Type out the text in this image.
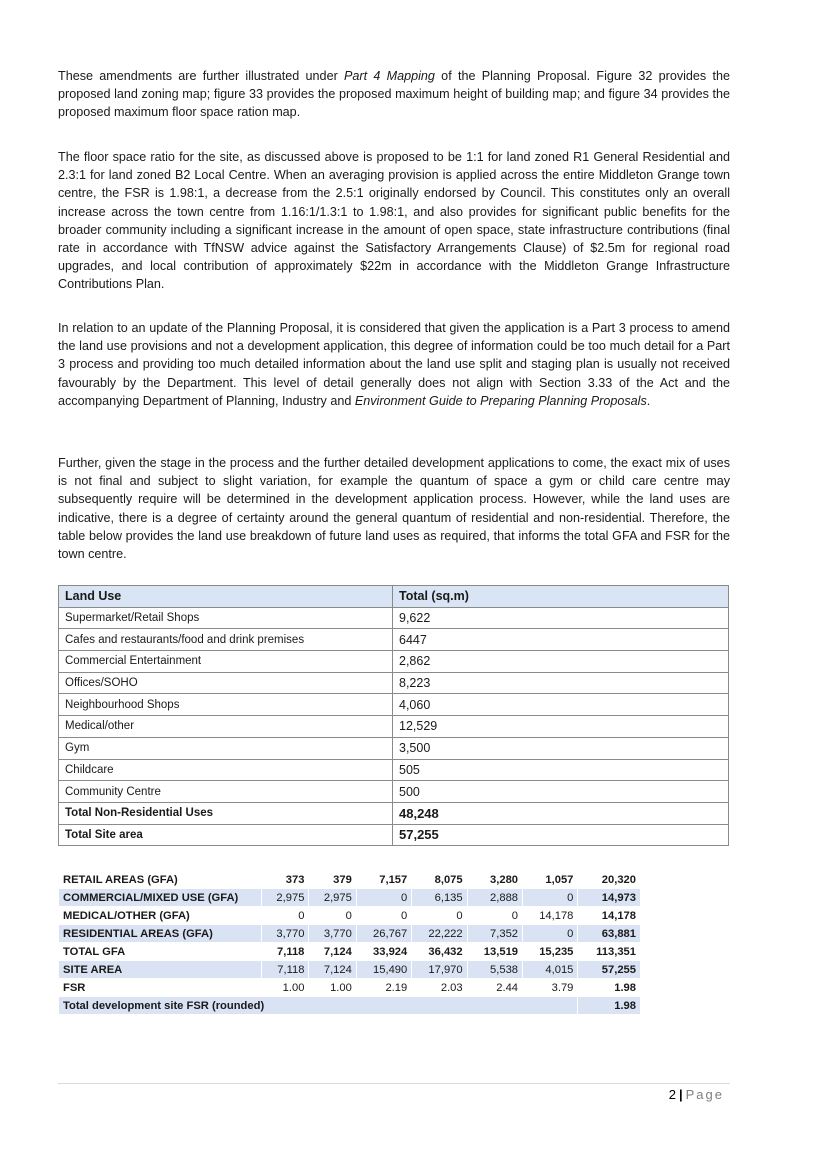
These amendments are further illustrated under Part 4 Mapping of the Planning Proposal. Figure 32 provides the proposed land zoning map; figure 33 provides the proposed maximum height of building map; and figure 34 provides the proposed maximum floor space ration map.

The floor space ratio for the site, as discussed above is proposed to be 1:1 for land zoned R1 General Residential and 2.3:1 for land zoned B2 Local Centre. When an averaging provision is applied across the entire Middleton Grange town centre, the FSR is 1.98:1, a decrease from the 2.5:1 originally endorsed by Council. This constitutes only an overall increase across the town centre from 1.16:1/1.3:1 to 1.98:1, and also provides for significant public benefits for the broader community including a significant increase in the amount of open space, state infrastructure contributions (final rate in accordance with TfNSW advice against the Satisfactory Arrangements Clause) of $2.5m for regional road upgrades, and local contribution of approximately $22m in accordance with the Middleton Grange Infrastructure Contributions Plan.

In relation to an update of the Planning Proposal, it is considered that given the application is a Part 3 process to amend the land use provisions and not a development application, this degree of information could be too much detail for a Part 3 process and providing too much detailed information about the land use split and staging plan is usually not received favourably by the Department. This level of detail generally does not align with Section 3.33 of the Act and the accompanying Department of Planning, Industry and Environment Guide to Preparing Planning Proposals.

Further, given the stage in the process and the further detailed development applications to come, the exact mix of uses is not final and subject to slight variation, for example the quantum of space a gym or child care centre may subsequently require will be determined in the development application process. However, while the land uses are indicative, there is a degree of certainty around the general quantum of residential and non-residential. Therefore, the table below provides the land use breakdown of future land uses as required, that informs the total GFA and FSR for the town centre.

Land Use	Total (sq.m)
Supermarket/Retail Shops	9,622
Cafes and restaurants/food and drink premises	6447
Commercial Entertainment	2,862
Offices/SOHO	8,223
Neighbourhood Shops	4,060
Medical/other	12,529
Gym	3,500
Childcare	505
Community Centre	500
Total Non-Residential Uses	48,248
Total Site area	57,255
RETAIL AREAS (GFA)	373	379	7,157	8,075	3,280	1,057	20,320
COMMERCIAL/MIXED USE (GFA)	2,975	2,975	0	6,135	2,888	0	14,973
MEDICAL/OTHER (GFA)	0	0	0	0	0	14,178	14,178
RESIDENTIAL AREAS (GFA)	3,770	3,770	26,767	22,222	7,352	0	63,881
TOTAL GFA	7,118	7,124	33,924	36,432	13,519	15,235	113,351
SITE AREA	7,118	7,124	15,490	17,970	5,538	4,015	57,255
FSR	1.00	1.00	2.19	2.03	2.44	3.79	1.98
Total development site FSR (rounded)							1.98
2 | Page
